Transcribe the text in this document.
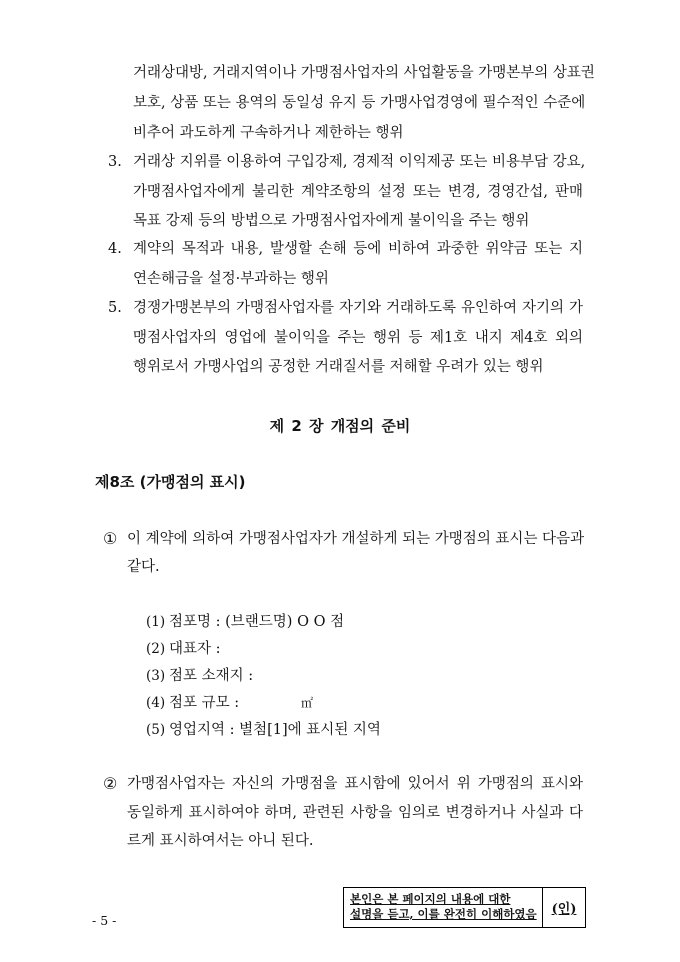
거래상대방, 거래지역이나 가맹점사업자의 사업활동을 가맹본부의 상표권
보호, 상품 또는 용역의 동일성 유지 등 가맹사업경영에 필수적인 수준에
비추어 과도하게 구속하거나 제한하는 행위
3. 거래상 지위를 이용하여 구입강제, 경제적 이익제공 또는 비용부담 강요,
가맹점사업자에게 불리한 계약조항의 설정 또는 변경, 경영간섭, 판매
목표 강제 등의 방법으로 가맹점사업자에게 불이익을 주는 행위
4. 계약의 목적과 내용, 발생할 손해 등에 비하여 과중한 위약금 또는 지
연손해금을 설정·부과하는 행위
5. 경쟁가맹본부의 가맹점사업자를 자기와 거래하도록 유인하여 자기의 가
맹점사업자의 영업에 불이익을 주는 행위 등 제1호 내지 제4호 외의
행위로서 가맹사업의 공정한 거래질서를 저해할 우려가 있는 행위
제 2 장 개점의 준비
제8조 (가맹점의 표시)
① 이 계약에 의하여 가맹점사업자가 개설하게 되는 가맹점의 표시는 다음과
같다.
(1) 점포명 : (브랜드명) O O 점
(2) 대표자 :
(3) 점포 소재지 :
(4) 점포 규모 :	㎡
(5) 영업지역 : 별첨[1]에 표시된 지역
② 가맹점사업자는 자신의 가맹점을 표시함에 있어서 위 가맹점의 표시와
동일하게 표시하여야 하며, 관련된 사항을 임의로 변경하거나 사실과 다
르게 표시하여서는 아니 된다.
본인은 본 페이지의 내용에 대한
설명을 듣고, 이를 완전히 이해하였음	(인)
- 5 -
